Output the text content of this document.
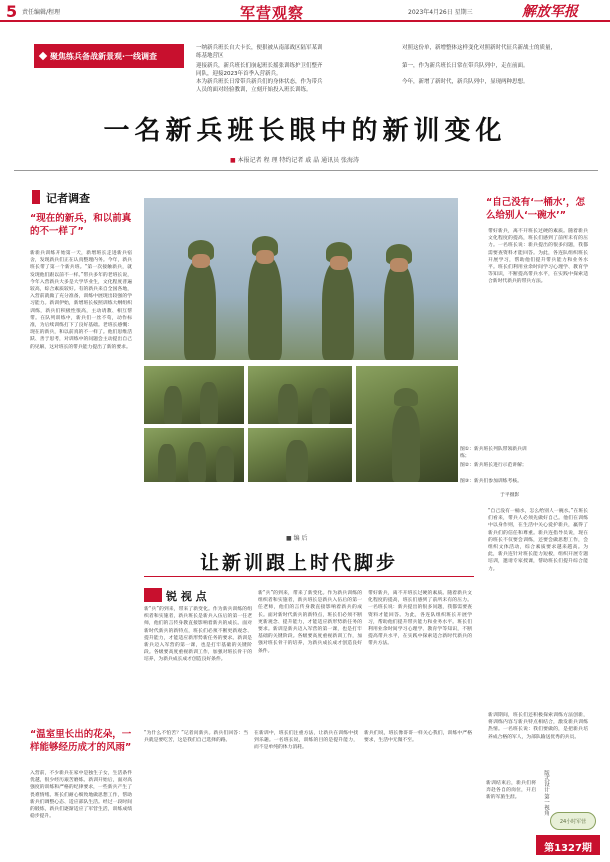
5 责任编辑/程理	军营观察	2023年4月26日 星期三	解放军报
聚焦练兵备战新景观·一线调查
一纳新兵班长自大卡长，便狠被从南部战区陆军某训练基地营区
迎接新兵，新兵班长们崩起班长摇张训练护卫们整齐同队，迎接2023年首季入营新兵。
本为新兵班长日常带兵新兵们的身体状态，作为带兵人员的面对经验教训，立刻开始投入班长训练。
对照这份单，新增整体这样变化对照新时代征兵新战士的质量，
第一，作为新兵班长日常在带兵队列中，走在前面。
今年，新增了新时代，新兵队列中，显现两种思想。
一名新兵班长眼中的新训变化
■ 本报记者 程 理 特约记者 戚 晶 通讯员 张海涛
记者调查
“现在的新兵，和以前真的不一样了”
新新兵训练开始第一天，新增班长走进新兵宿舍，发现新兵们正在认真整理内务。今年，新兵班长带了第一个新兵班。“第一次接触新兵，就发现他们跟以前不一样。”带兵多年的老班长说，今年入营新兵大多是大学毕业生，文化程度普遍较高，综合素质较好。有的新兵来自全国各地，入营前就做了充分准备，训练中展现出较强的学习能力。新训伊始，新增班长按照训练大纲组织训练，新兵们积极性很高，主动请教、相互帮带。在队列训练中，新兵们一丝不苟，动作标准，为后续训练打下了良好基础。老班长感慨：现在的新兵，和以前真的不一样了。他们思维活跃、善于思考，对训练中的问题会主动提出自己的见解，这对班长的带兵能力提出了新的要求。
“温室里长出的花朵，一样能够经历成才的风雨”
入营前，不少新兵在家中是独生子女，生活条件优越，很少经历艰苦磨炼。新训开始后，面对高强度的训练和严格的纪律要求，一些新兵产生了畏难情绪。班长们耐心细致地做思想工作，帮助新兵们调整心态、适应部队生活。经过一段时间的锻炼，新兵们逐渐适应了军营生活，训练成绩稳步提升。
图①：新兵班长列队带领新兵训练；
图②：新兵班长进行示范讲解；
图③：新兵们参加训练考核。
于平摄影
“自己没有‘一桶水’，怎么给别人‘一碗水’”
带好新兵，离不开班长过硬的素质。随着新兵文化程度的提高，班长们感到了前所未有的压力。一名班长说：新兵提出的很多问题，我都需要查资料才能回答。为此，各连队组织班长开展学习，帮助他们提升带兵能力和业务水平。班长们利用业余时间学习心理学、教育学等知识，不断提高带兵水平，在实践中探索适合新时代新兵的带兵方法。
“自己没有一桶水，怎么给别人一碗水。”在班长们看来，带兵人必须先做好自己。他们在训练中以身作则，在生活中关心爱护新兵，赢得了新兵们的信任和尊重。新兵连指导员说，现在的班长不仅要会训练，还要会做思想工作，会组织文体活动，综合素质要求越来越高。为此，新兵连针对班长能力短板，组织开展专题培训，邀请专家授课，帮助班长们提升综合能力。
新训期间，班长们还积极探索训练方法创新，将训练内容与新兵特点相结合，激发新兵训练热情。一名班长说：我们要做的，是把新兵培养成合格的军人，为部队输送优秀的兵员。
■ 编 后
让新训跟上时代脚步
锐 视 点
新“兵”的到来，带来了新变化。作为新兵训练的组织者和实施者，新兵班长是新兵入伍后的第一任老师，他们的言传身教直接影响着新兵的成长。面对新时代新兵的新特点，班长们必须不断更新观念、提升能力，才能适应新形势新任务的要求。新训是新兵迈入军营的第一课，也是打牢基础的关键阶段。各级要高度重视新训工作，加强对班长骨干的培养，为新兵成长成才创造良好条件。
新“兵”的到来，带来了新变化。作为新兵训练的组织者和实施者，新兵班长是新兵入伍后的第一任老师，他们的言传身教直接影响着新兵的成长。面对新时代新兵的新特点，班长们必须不断更新观念、提升能力，才能适应新形势新任务的要求。新训是新兵迈入军营的第一课，也是打牢基础的关键阶段。各级要高度重视新训工作，加强对班长骨干的培养，为新兵成长成才创造良好条件。
带好新兵，离不开班长过硬的素质。随着新兵文化程度的提高，班长们感到了前所未有的压力。一名班长说：新兵提出的很多问题，我都需要查资料才能回答。为此，各连队组织班长开展学习，帮助他们提升带兵能力和业务水平。班长们利用业余时间学习心理学、教育学等知识，不断提高带兵水平，在实践中探索适合新时代新兵的带兵方法。
“为什么不怕苦？”记者问新兵。新兵们回答：当兵就是要吃苦，这是我们自己选择的路。
在新训中，班长们注重方法，让新兵在训练中找到乐趣。一名班长说，训练的目的是提升能力，而不是单纯的体力消耗。
新兵们说，班长像哥哥一样关心我们，训练中严格要求，生活中无微不至。
新训结束后，新兵们将奔赴各自的岗位，开启新的军旅生涯。	版式设计 第一视角
24小时军营
第1327期
